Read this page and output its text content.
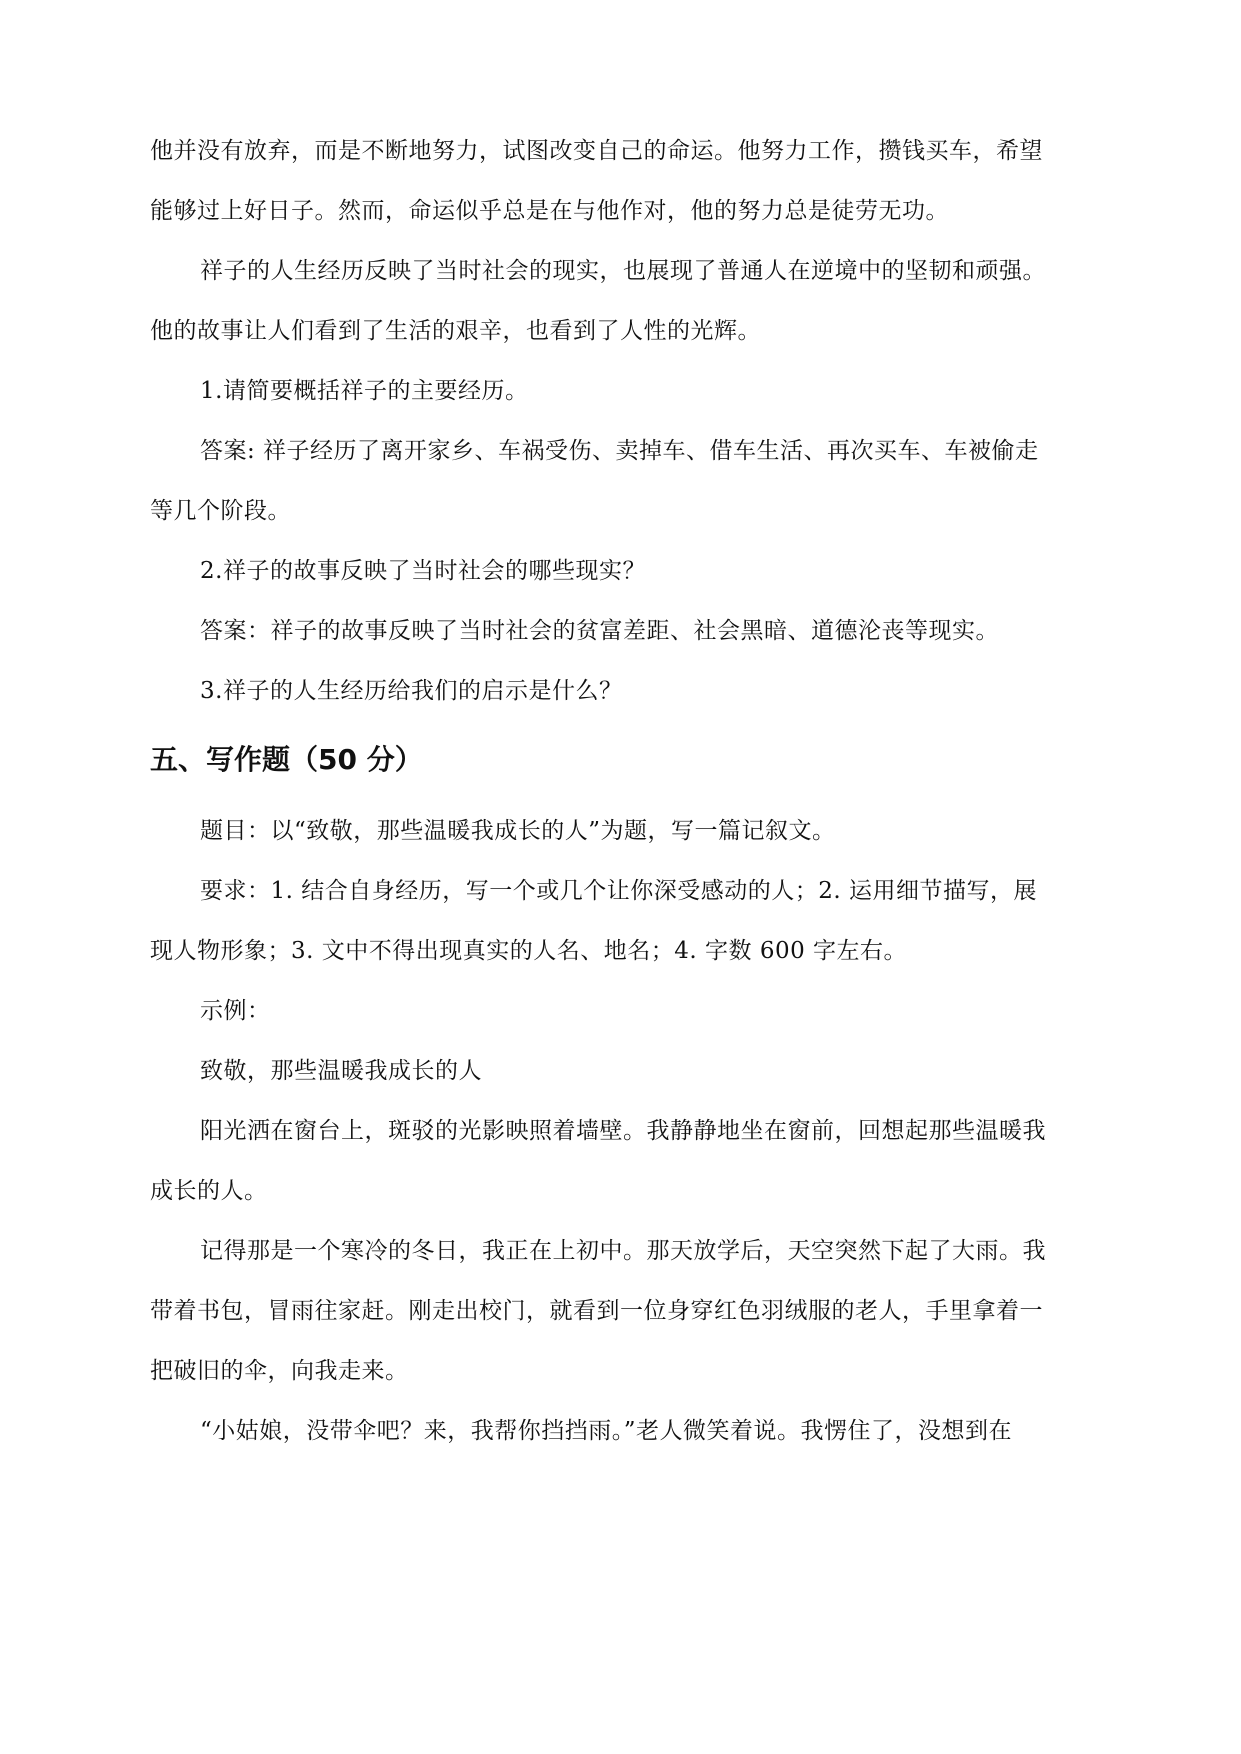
他并没有放弃，而是不断地努力，试图改变自己的命运。他努力工作，攒钱买车，希望
能够过上好日子。然而，命运似乎总是在与他作对，他的努力总是徒劳无功。
祥子的人生经历反映了当时社会的现实，也展现了普通人在逆境中的坚韧和顽强。
他的故事让人们看到了生活的艰辛，也看到了人性的光辉。
1.请简要概括祥子的主要经历。
答案: 祥子经历了离开家乡、车祸受伤、卖掉车、借车生活、再次买车、车被偷走
等几个阶段。
2.祥子的故事反映了当时社会的哪些现实？
答案：祥子的故事反映了当时社会的贫富差距、社会黑暗、道德沦丧等现实。
3.祥子的人生经历给我们的启示是什么？
五、写作题（50 分）
题目：以“致敬，那些温暖我成长的人”为题，写一篇记叙文。
要求：1. 结合自身经历，写一个或几个让你深受感动的人；2. 运用细节描写，展
现人物形象；3. 文中不得出现真实的人名、地名；4. 字数 600 字左右。
示例：
致敬，那些温暖我成长的人
阳光洒在窗台上，斑驳的光影映照着墙壁。我静静地坐在窗前，回想起那些温暖我
成长的人。
记得那是一个寒冷的冬日，我正在上初中。那天放学后，天空突然下起了大雨。我
带着书包，冒雨往家赶。刚走出校门，就看到一位身穿红色羽绒服的老人，手里拿着一
把破旧的伞，向我走来。
“小姑娘，没带伞吧？来，我帮你挡挡雨。”老人微笑着说。我愣住了，没想到在
